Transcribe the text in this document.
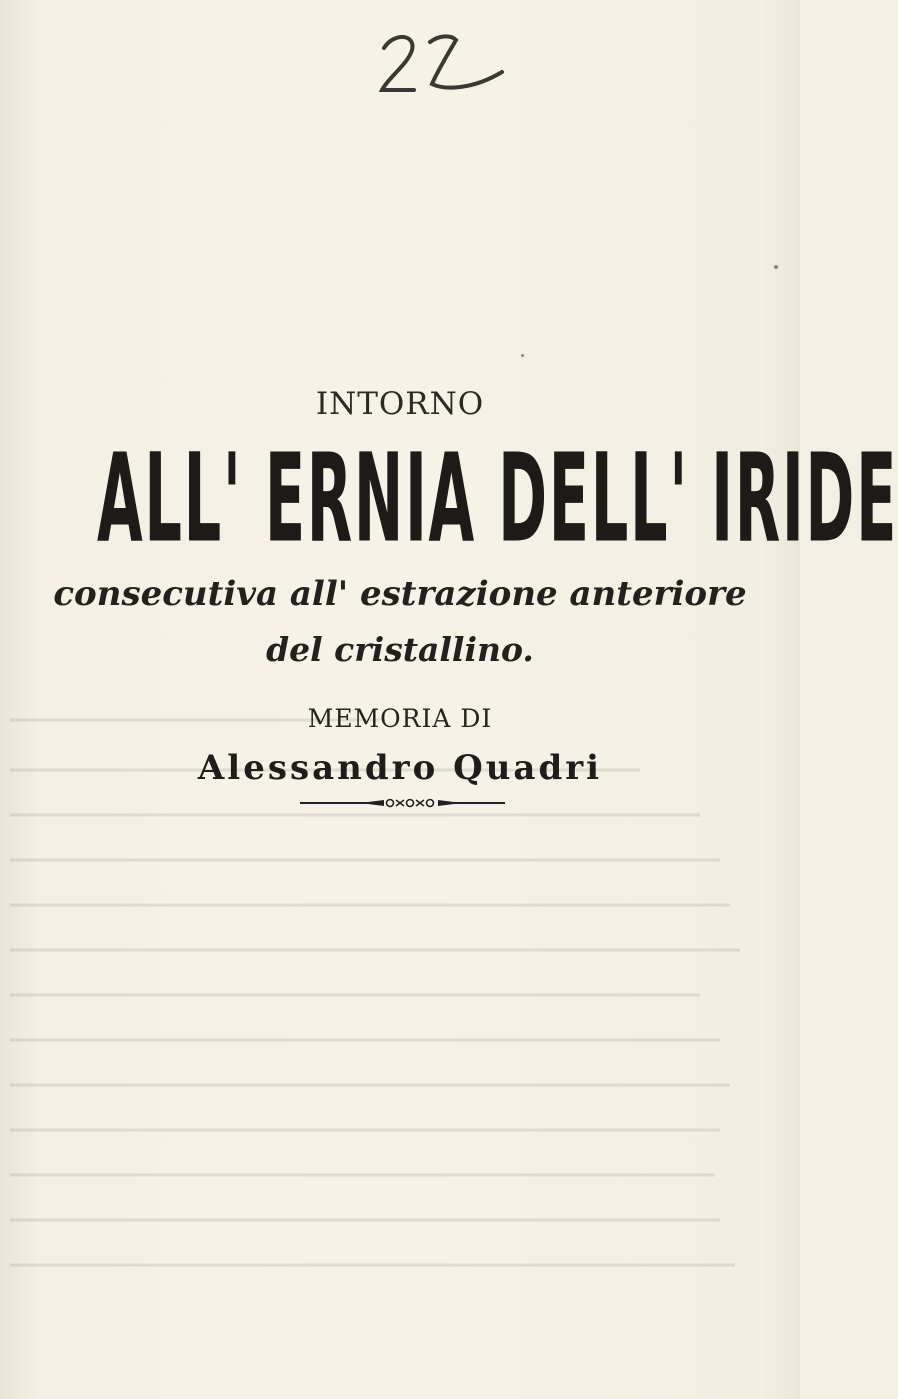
2 L
INTORNO
ALL' ERNIA DELL' IRIDE
consecutiva all' estrazione anteriore
del cristallino.
MEMORIA DI
Alessandro Quadri
